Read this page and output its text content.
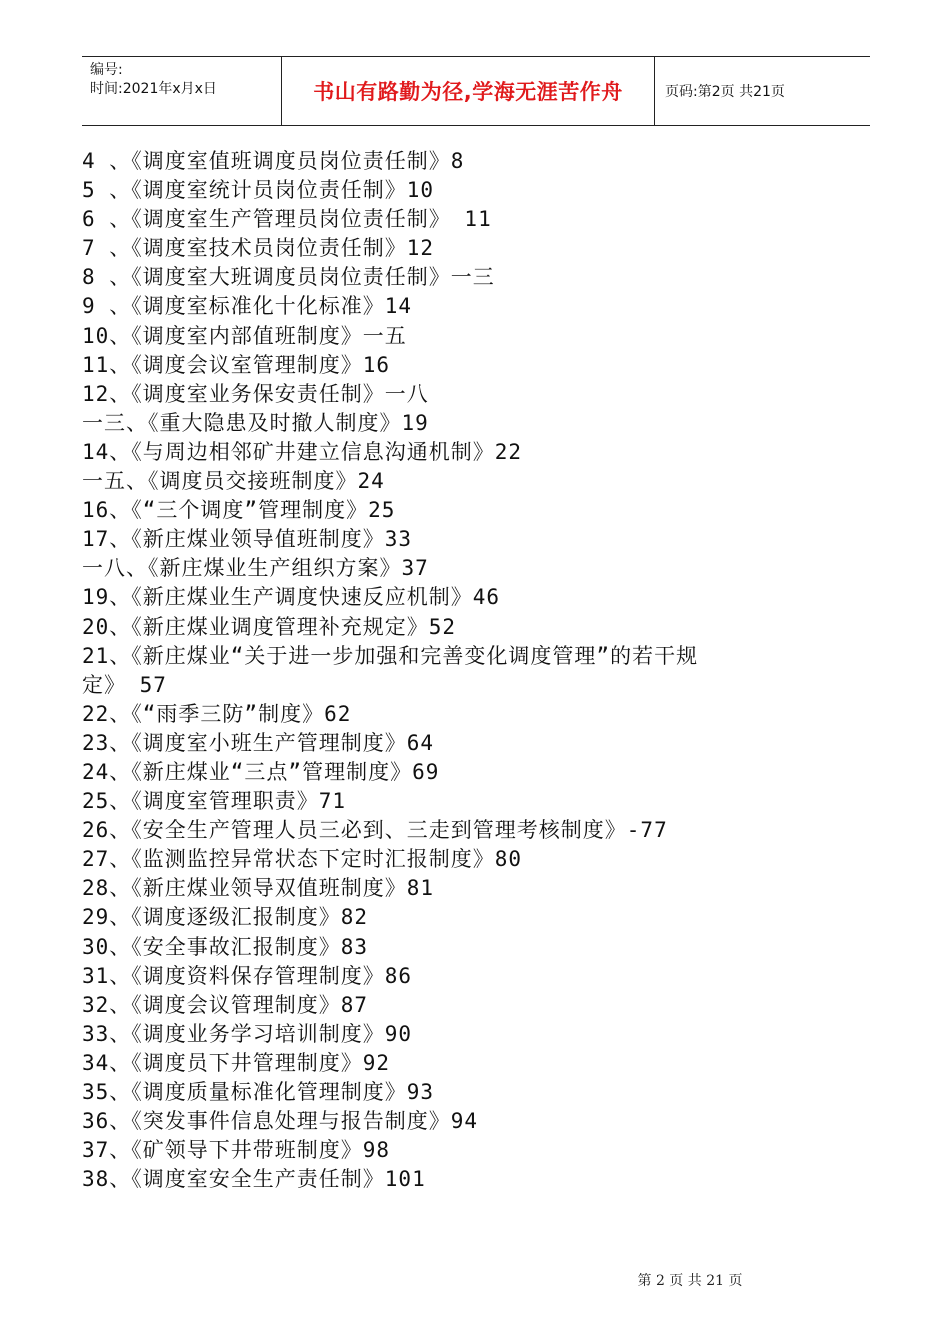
编号:
时间:2021年x月x日	书山有路勤为径,学海无涯苦作舟	页码:第2页 共21页
4 、《调度室值班调度员岗位责任制》8
5 、《调度室统计员岗位责任制》10
6 、《调度室生产管理员岗位责任制》 11
7 、《调度室技术员岗位责任制》12
8 、《调度室大班调度员岗位责任制》一三
9 、《调度室标准化十化标准》14
10、《调度室内部值班制度》一五
11、《调度会议室管理制度》16
12、《调度室业务保安责任制》一八
一三、《重大隐患及时撤人制度》19
14、《与周边相邻矿井建立信息沟通机制》22
一五、《调度员交接班制度》24
16、《“三个调度”管理制度》25
17、《新庄煤业领导值班制度》33
一八、《新庄煤业生产组织方案》37
19、《新庄煤业生产调度快速反应机制》46
20、《新庄煤业调度管理补充规定》52
21、《新庄煤业“关于进一步加强和完善变化调度管理”的若干规
定》 57
22、《“雨季三防”制度》62
23、《调度室小班生产管理制度》64
24、《新庄煤业“三点”管理制度》69
25、《调度室管理职责》71
26、《安全生产管理人员三必到、三走到管理考核制度》-77
27、《监测监控异常状态下定时汇报制度》80
28、《新庄煤业领导双值班制度》81
29、《调度逐级汇报制度》82
30、《安全事故汇报制度》83
31、《调度资料保存管理制度》86
32、《调度会议管理制度》87
33、《调度业务学习培训制度》90
34、《调度员下井管理制度》92
35、《调度质量标准化管理制度》93
36、《突发事件信息处理与报告制度》94
37、《矿领导下井带班制度》98
38、《调度室安全生产责任制》101
第 2 页 共 21 页
